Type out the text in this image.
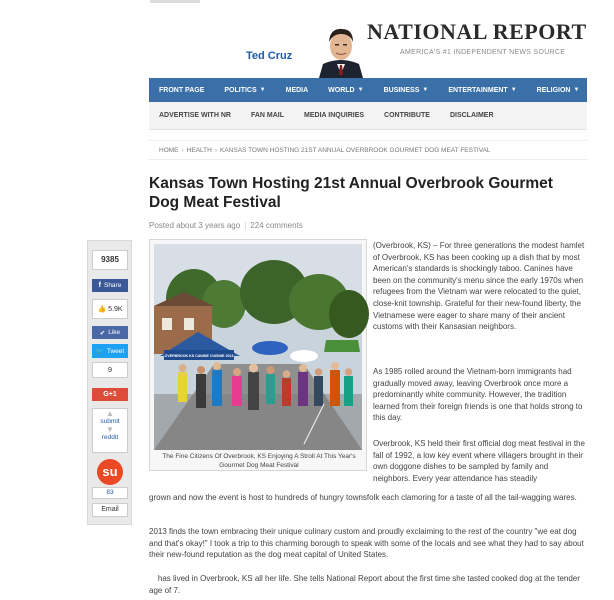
Ted Cruz
NATIONAL REPORT
AMERICA'S #1 INDEPENDENT NEWS SOURCE
FRONT PAGE	POLITICS ▼	MEDIA	WORLD ▼	BUSINESS ▼	ENTERTAINMENT ▼	RELIGION ▼	E
ADVERTISE WITH NR	FAN MAIL	MEDIA INQUIRIES	CONTRIBUTE	DISCLAIMER
HOME › HEALTH › KANSAS TOWN HOSTING 21ST ANNUAL OVERBROOK GOURMET DOG MEAT FESTIVAL
Kansas Town Hosting 21st Annual Overbrook Gourmet Dog Meat Festival
Posted about 3 years ago | 224 comments
OVERBROOK KS CANINE CUISINE 2013
The Fine Citizens Of Overbrook, KS Enjoying A Stroll At This Year's Gourmet Dog Meat Festival

(Overbrook, KS) – For three generations the modest hamlet of Overbrook, KS has been cooking up a dish that by most American's standards is shockingly taboo. Canines have been on the community's menu since the early 1970s when refugees from the Vietnam war were relocated to the quiet, close-knit township. Grateful for their new-found liberty, the Vietnamese were eager to share many of their ancient customs with their Kansasian neighbors.

As 1985 rolled around the Vietnam-born immigrants had gradually moved away, leaving Overbrook once more a predominantly white community. However, the tradition learned from their foreign friends is one that holds strong to this day.

Overbrook, KS held their first official dog meat festival in the fall of 1992, a low key event where villagers brought in their own doggone dishes to be sampled by family and neighbors. Every year attendance has steadily

grown and now the event is host to hundreds of hungry townsfolk each clamoring for a taste of all the tail-wagging wares.

2013 finds the town embracing their unique culinary custom and proudly exclaiming to the rest of the country "we eat dog and that's okay!" I took a trip to this charming borough to speak with some of the locals and see what they had to say about their new-found reputation as the dog meat capital of United States.

has lived in Overbrook, KS all her life. She tells National Report about the first time she tasted cooked dog at the tender age of 7.

9385
f Share
👍 5.9K
✔ Like
🐦 Tweet
9
G+1
▲
submit
▼
reddit
su
83
Email
